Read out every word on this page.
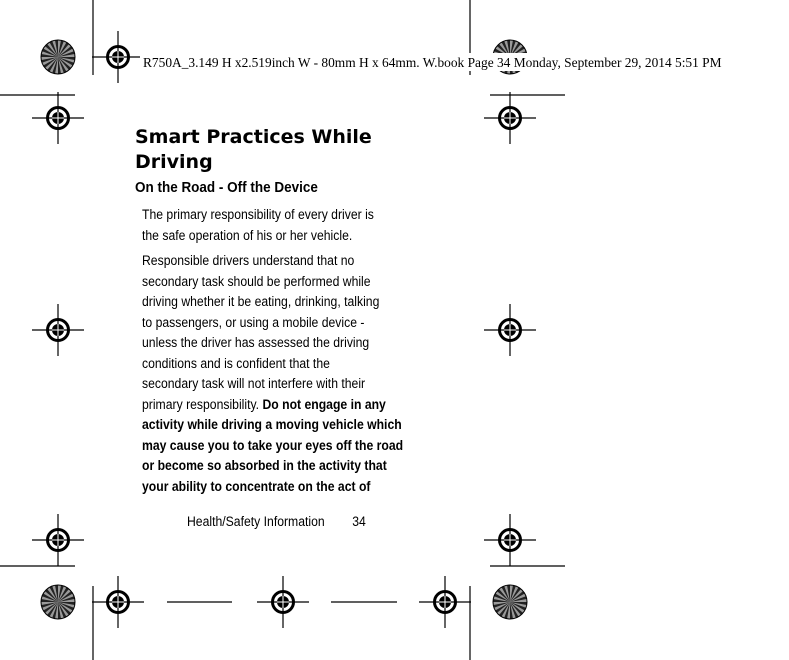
R750A_3.149 H x2.519inch W - 80mm H x 64mm. W.book Page 34 Monday, September 29, 2014 5:51 PM
Smart Practices While
Driving
On the Road - Off the Device
The primary responsibility of every driver is
the safe operation of his or her vehicle.
Responsible drivers understand that no
secondary task should be performed while
driving whether it be eating, drinking, talking
to passengers, or using a mobile device -
unless the driver has assessed the driving
conditions and is confident that the
secondary task will not interfere with their
primary responsibility. Do not engage in any
activity while driving a moving vehicle which
may cause you to take your eyes off the road
or become so absorbed in the activity that
your ability to concentrate on the act of
Health/Safety Information 34
